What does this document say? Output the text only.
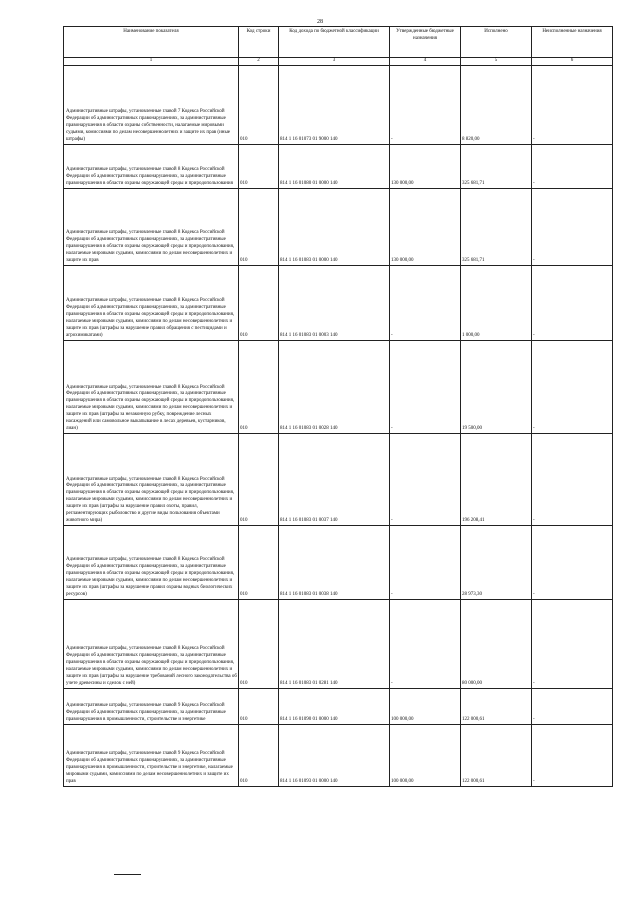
28
Наименование показателя	Код строки	Код дохода по бюджетной классификации	Утвержденные бюджетные назначения	Исполнено	Неисполненные назначения
1	2	3	4	5	6
Административные штрафы, установленные главой 7 Кодекса Российской Федерации об административных правонарушениях, за административные правонарушения в области охраны собственности, налагаемые мировыми судьями, комиссиями по делам несовершеннолетних и защите их прав (иные штрафы)	010	814 1 16 01073 01 9000 140	-	8 820,00	-
Административные штрафы, установленные главой 8 Кодекса Российской Федерации об административных правонарушениях, за административные правонарушения в области охраны окружающей среды и природопользования	010	814 1 16 01080 01 0000 140	130 000,00	325 681,71	-
Административные штрафы, установленные главой 8 Кодекса Российской Федерации об административных правонарушениях, за административные правонарушения в области охраны окружающей среды и природопользования, налагаемые мировыми судьями, комиссиями по делам несовершеннолетних и защите их прав	010	814 1 16 01083 01 0000 140	130 000,00	325 681,71	-
Административные штрафы, установленные главой 8 Кодекса Российской Федерации об административных правонарушениях, за административные правонарушения в области охраны окружающей среды и природопользования, налагаемые мировыми судьями, комиссиями по делам несовершеннолетних и защите их прав (штрафы за нарушение правил обращения с пестицидами и агрохимикатами)	010	814 1 16 01083 01 0003 140	-	1 000,00	-
Административные штрафы, установленные главой 8 Кодекса Российской Федерации об административных правонарушениях, за административные правонарушения в области охраны окружающей среды и природопользования, налагаемые мировыми судьями, комиссиями по делам несовершеннолетних и защите их прав (штрафы за незаконную рубку, повреждение лесных насаждений или самовольное выкапывание в лесах деревьев, кустарников, лиан)	010	814 1 16 01083 01 0028 140	-	19 500,00	-
Административные штрафы, установленные главой 8 Кодекса Российской Федерации об административных правонарушениях, за административные правонарушения в области охраны окружающей среды и природопользования, налагаемые мировыми судьями, комиссиями по делам несовершеннолетних и защите их прав (штрафы за нарушение правил охоты, правил, регламентирующих рыболовство и другие виды пользования объектами животного мира)	010	814 1 16 01083 01 0037 140	-	196 208,41	-
Административные штрафы, установленные главой 8 Кодекса Российской Федерации об административных правонарушениях, за административные правонарушения в области охраны окружающей среды и природопользования, налагаемые мировыми судьями, комиссиями по делам несовершеннолетних и защите их прав (штрафы за нарушение правил охраны водных биологических ресурсов)	010	814 1 16 01083 01 0038 140	-	28 973,30	-
Административные штрафы, установленные главой 8 Кодекса Российской Федерации об административных правонарушениях, за административные правонарушения в области охраны окружающей среды и природопользования, налагаемые мировыми судьями, комиссиями по делам несовершеннолетних и защите их прав (штрафы за нарушение требований лесного законодательства об учете древесины и сделок с ней)	010	814 1 16 01083 01 0281 140	-	80 000,00	-
Административные штрафы, установленные главой 9 Кодекса Российской Федерации об административных правонарушениях, за административные правонарушения в промышленности, строительстве и энергетике	010	814 1 16 01090 01 0000 140	100 000,00	122 000,61	-
Административные штрафы, установленные главой 9 Кодекса Российской Федерации об административных правонарушениях, за административные правонарушения в промышленности, строительстве и энергетике, налагаемые мировыми судьями, комиссиями по делам несовершеннолетних и защите их прав	010	814 1 16 01093 01 0000 140	100 000,00	122 000,61	-
